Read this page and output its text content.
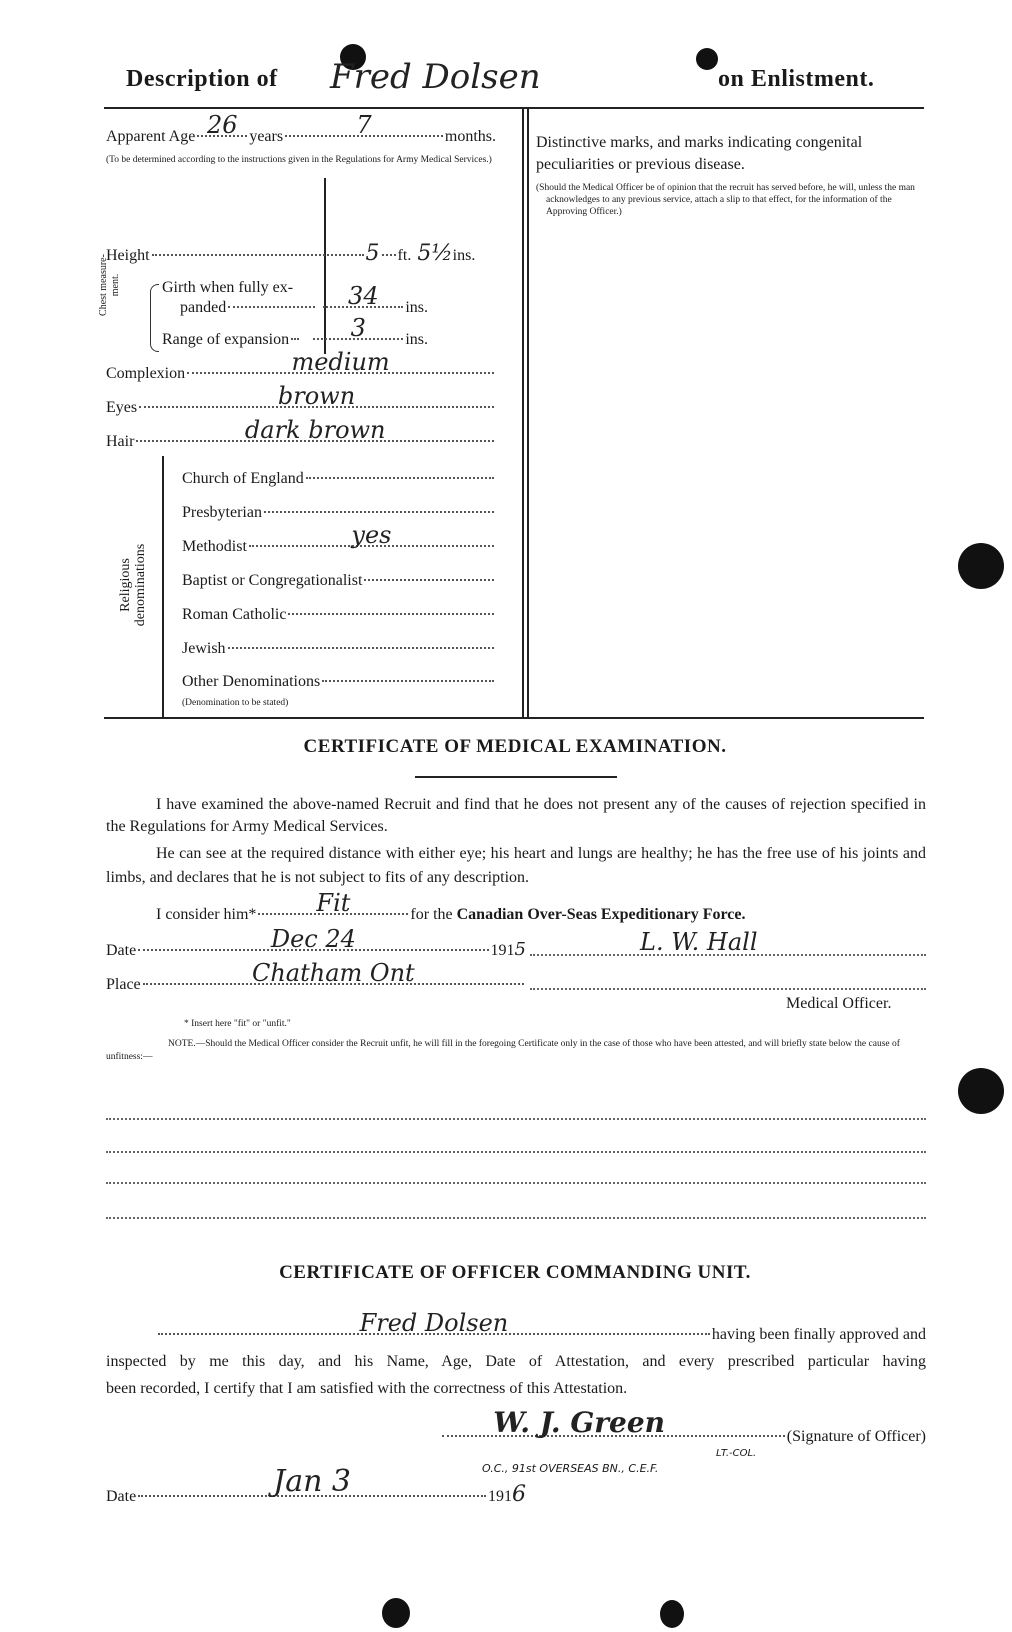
Description of Fred Dolsen	on Enlistment.
Apparent Age 26 years	7	months.
(To be determined according to the instructions given in the Regulations for Army Medical Services.)
Height	5 ft. 5½ ins.
Chest measure-ment.	Girth when fully ex-
panded	34 ins.
Range of expansion	3 ins.
Complexion	medium
Eyes	brown
Hair	dark brown
Religious denominations
Church of England
Presbyterian
Methodist	yes
Baptist or Congregationalist
Roman Catholic
Jewish
Other Denominations
(Denomination to be stated)
Distinctive marks, and marks indicating congenital peculiarities or previous disease.
(Should the Medical Officer be of opinion that the recruit has served before, he will, unless the man acknowledges to any previous service, attach a slip to that effect, for the information of the Approving Officer.)
CERTIFICATE OF MEDICAL EXAMINATION.
I have examined the above-named Recruit and find that he does not present any of the causes of rejection specified in the Regulations for Army Medical Services.
He can see at the required distance with either eye; his heart and lungs are healthy; he has the free use of his joints and limbs, and declares that he is not subject to fits of any description.
I consider him*	Fit	for the
Canadian Over-Seas Expeditionary Force.
Date	Dec 24	191 5	L. W. Hall
Place	Chatham Ont
Medical Officer.
* Insert here "fit" or "unfit."
NOTE.—Should the Medical Officer consider the Recruit unfit, he will fill in the foregoing Certificate only in the case of those who have been attested, and will briefly state below the cause of unfitness:—
CERTIFICATE OF OFFICER COMMANDING UNIT.
Fred Dolsen	having been finally approved and
inspected by me this day, and his Name, Age, Date of Attestation, and every prescribed particular having
been recorded, I certify that I am satisfied with the correctness of this Attestation.
W. J. Green	(Signature of Officer)
LT.-COL.
O.C., 91st OVERSEAS BN., C.E.F.
Date	Jan 3	191 6
